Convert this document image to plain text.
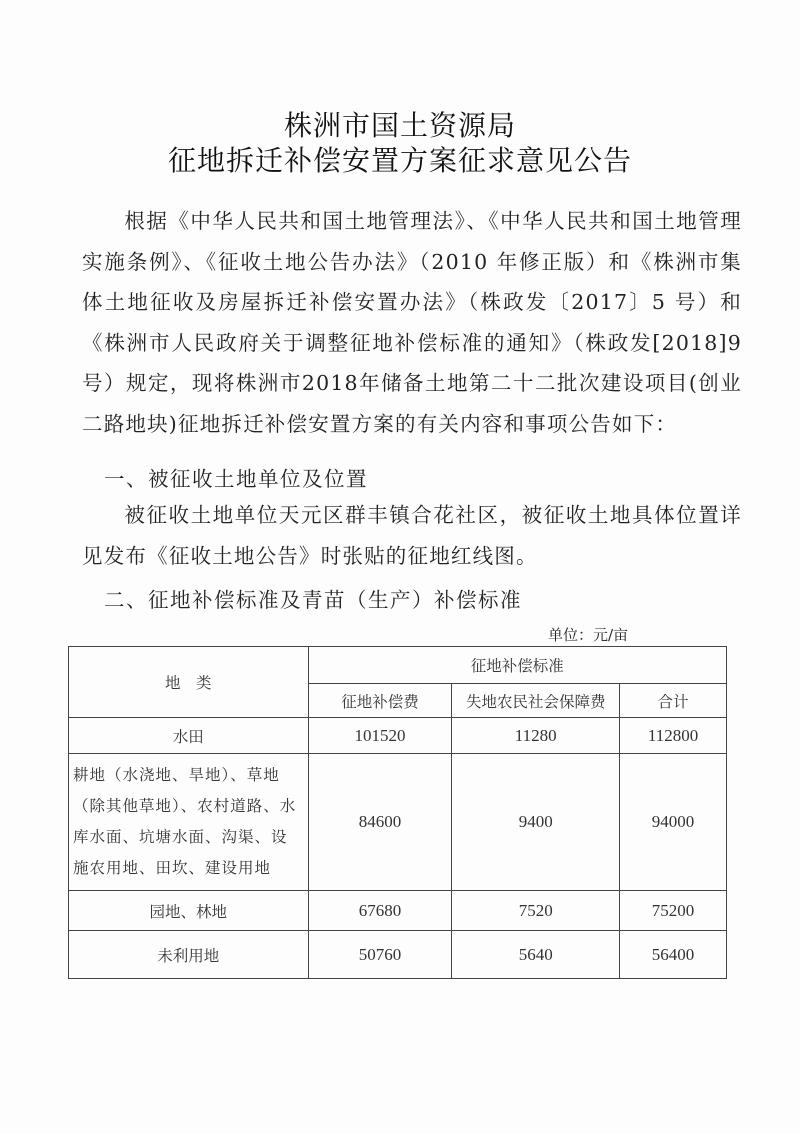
株洲市国土资源局
征地拆迁补偿安置方案征求意见公告
根据《中华人民共和国土地管理法》、《中华人民共和国土地管理实施条例》、《征收土地公告办法》（2010 年修正版）和《株洲市集体土地征收及房屋拆迁补偿安置办法》（株政发〔2017〕5 号）和《株洲市人民政府关于调整征地补偿标准的通知》（株政发[2018]9 号）规定，现将株洲市2018年储备土地第二十二批次建设项目(创业二路地块)征地拆迁补偿安置方案的有关内容和事项公告如下：
一、被征收土地单位及位置
被征收土地单位天元区群丰镇合花社区，被征收土地具体位置详见发布《征收土地公告》时张贴的征地红线图。
二、征地补偿标准及青苗（生产）补偿标准
单位：元/亩
地　类	征地补偿标准		
	征地补偿费	失地农民社会保障费	合计
水田	101520	11280	112800
耕地（水浇地、旱地）、草地（除其他草地）、农村道路、水库水面、坑塘水面、沟渠、设施农用地、田坎、建设用地	84600	9400	94000
园地、林地	67680	7520	75200
未利用地	50760	5640	56400
